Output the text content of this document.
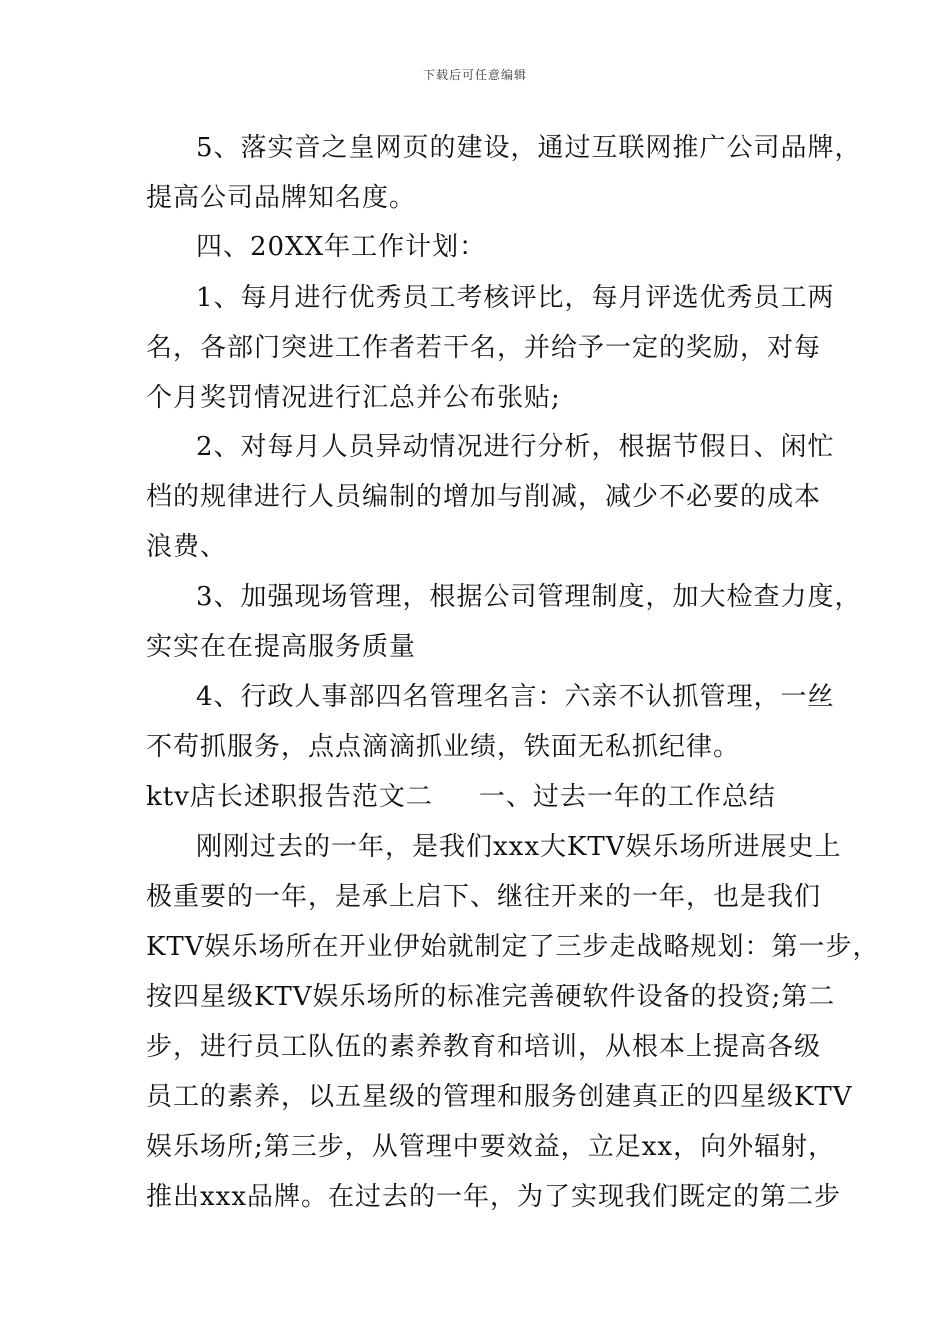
下载后可任意编辑
5、落实音之皇网页的建设，通过互联网推广公司品牌，
提高公司品牌知名度。
四、20XX年工作计划：
1、每月进行优秀员工考核评比，每月评选优秀员工两
名，各部门突进工作者若干名，并给予一定的奖励，对每
个月奖罚情况进行汇总并公布张贴;
2、对每月人员异动情况进行分析，根据节假日、闲忙
档的规律进行人员编制的增加与削减，减少不必要的成本
浪费、
3、加强现场管理，根据公司管理制度，加大检查力度，
实实在在提高服务质量
4、行政人事部四名管理名言：六亲不认抓管理，一丝
不苟抓服务，点点滴滴抓业绩，铁面无私抓纪律。
ktv店长述职报告范文二 一、过去一年的工作总结
刚刚过去的一年，是我们xxx大KTV娱乐场所进展史上
极重要的一年，是承上启下、继往开来的一年，也是我们
KTV娱乐场所在开业伊始就制定了三步走战略规划：第一步，
按四星级KTV娱乐场所的标准完善硬软件设备的投资;第二
步，进行员工队伍的素养教育和培训，从根本上提高各级
员工的素养，以五星级的管理和服务创建真正的四星级KTV
娱乐场所;第三步，从管理中要效益，立足xx，向外辐射，
推出xxx品牌。在过去的一年，为了实现我们既定的第二步
